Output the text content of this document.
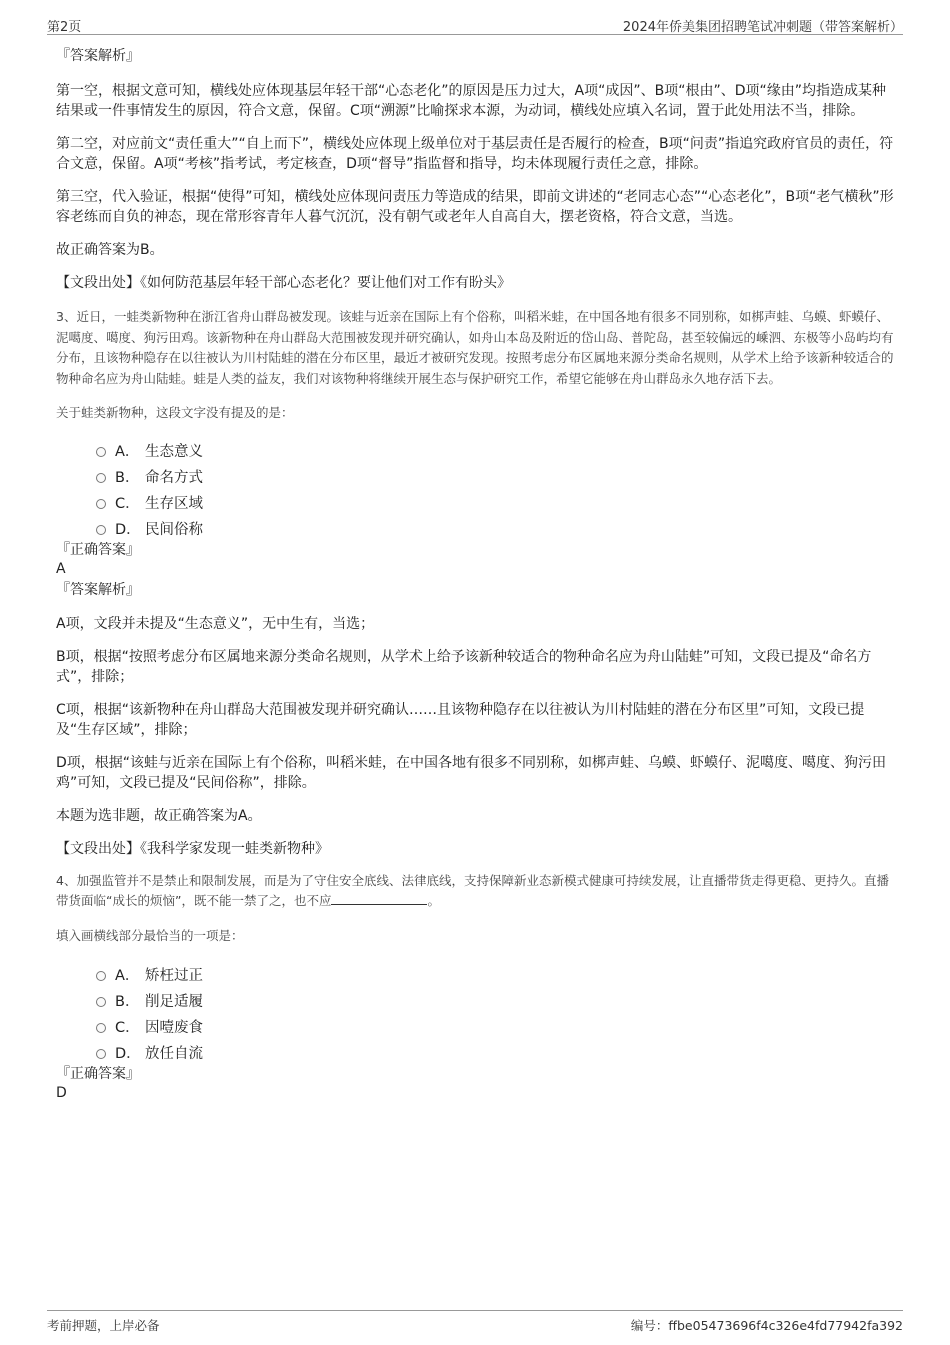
第2页	2024年侨美集团招聘笔试冲刺题（带答案解析）

『答案解析』

第一空，根据文意可知，横线处应体现基层年轻干部“心态老化”的原因是压力过大，A项“成因”、B项“根由”、D项“缘由”均指造成某种结果或一件事情发生的原因，符合文意，保留。C项“溯源”比喻探求本源，为动词，横线处应填入名词，置于此处用法不当，排除。

第二空，对应前文“责任重大”“自上而下”，横线处应体现上级单位对于基层责任是否履行的检查，B项“问责”指追究政府官员的责任，符合文意，保留。A项“考核”指考试，考定核查，D项“督导”指监督和指导，均未体现履行责任之意，排除。

第三空，代入验证，根据“使得”可知，横线处应体现问责压力等造成的结果，即前文讲述的“老同志心态”“心态老化”，B项“老气横秋”形容老练而自负的神态，现在常形容青年人暮气沉沉，没有朝气或老年人自高自大，摆老资格，符合文意，当选。

故正确答案为B。

【文段出处】《如何防范基层年轻干部心态老化？要让他们对工作有盼头》

3、近日，一蛙类新物种在浙江省舟山群岛被发现。该蛙与近亲在国际上有个俗称，叫稻米蛙，在中国各地有很多不同别称，如梆声蛙、乌蟆、虾蟆仔、泥噶度、噶度、狗污田鸡。该新物种在舟山群岛大范围被发现并研究确认，如舟山本岛及附近的岱山岛、普陀岛，甚至较偏远的嵊泗、东极等小岛屿均有分布，且该物种隐存在以往被认为川村陆蛙的潜在分布区里，最近才被研究发现。按照考虑分布区属地来源分类命名规则，从学术上给予该新种较适合的物种命名应为舟山陆蛙。蛙是人类的益友，我们对该物种将继续开展生态与保护研究工作，希望它能够在舟山群岛永久地存活下去。

关于蛙类新物种，这段文字没有提及的是：

A． 生态意义
B． 命名方式
C． 生存区域
D． 民间俗称

『正确答案』

A

『答案解析』

A项，文段并未提及“生态意义”，无中生有，当选；

B项，根据“按照考虑分布区属地来源分类命名规则，从学术上给予该新种较适合的物种命名应为舟山陆蛙”可知，文段已提及“命名方式”，排除；

C项，根据“该新物种在舟山群岛大范围被发现并研究确认……且该物种隐存在以往被认为川村陆蛙的潜在分布区里”可知，文段已提及“生存区域”，排除；

D项，根据“该蛙与近亲在国际上有个俗称，叫稻米蛙，在中国各地有很多不同别称，如梆声蛙、乌蟆、虾蟆仔、泥噶度、噶度、狗污田鸡”可知，文段已提及“民间俗称”，排除。

本题为选非题，故正确答案为A。

【文段出处】《我科学家发现一蛙类新物种》

4、加强监管并不是禁止和限制发展，而是为了守住安全底线、法律底线，支持保障新业态新模式健康可持续发展，让直播带货走得更稳、更持久。直播带货面临“成长的烦恼”，既不能一禁了之，也不应	。

填入画横线部分最恰当的一项是：

A． 矫枉过正
B． 削足适履
C． 因噎废食
D． 放任自流

『正确答案』

D

考前押题，上岸必备	编号：ffbe05473696f4c326e4fd77942fa392
